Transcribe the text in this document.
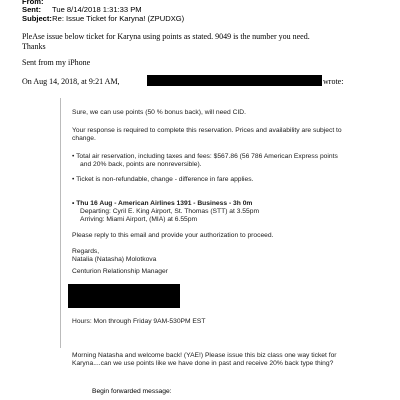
From:
Sent: Tue 8/14/2018 1:31:33 PM
Subject: Re: Issue Ticket for Karyna! (ZPUDXG)
PleAse issue below ticket for Karyna using points as stated. 9049 is the number you need.
Thanks
Sent from my iPhone
On Aug 14, 2018, at 9:21 AM,	wrote:
Sure, we can use points (50 % bonus back), will need CID.
Your response is required to complete this reservation. Prices and availability are subject to
change.
• Total air reservation, including taxes and fees: $567.86 (56 786 American Express points
and 20% back, points are nonreversible).
• Ticket is non-refundable, change - difference in fare applies.
• Thu 16 Aug - American Airlines 1391 - Business - 3h 0m
Departing: Cyril E. King Airport, St. Thomas (STT) at 3.55pm
Arriving: Miami Airport, (MIA) at 6.55pm
Please reply to this email and provide your authorization to proceed.
Regards,
Natalia (Natasha) Molotkova
Centurion Relationship Manager
Hours: Mon through Friday 9AM-530PM EST
Morning Natasha and welcome back! (YAE!) Please issue this biz class one way ticket for
Karyna....can we use points like we have done in past and receive 20% back type thing?
Begin forwarded message:
